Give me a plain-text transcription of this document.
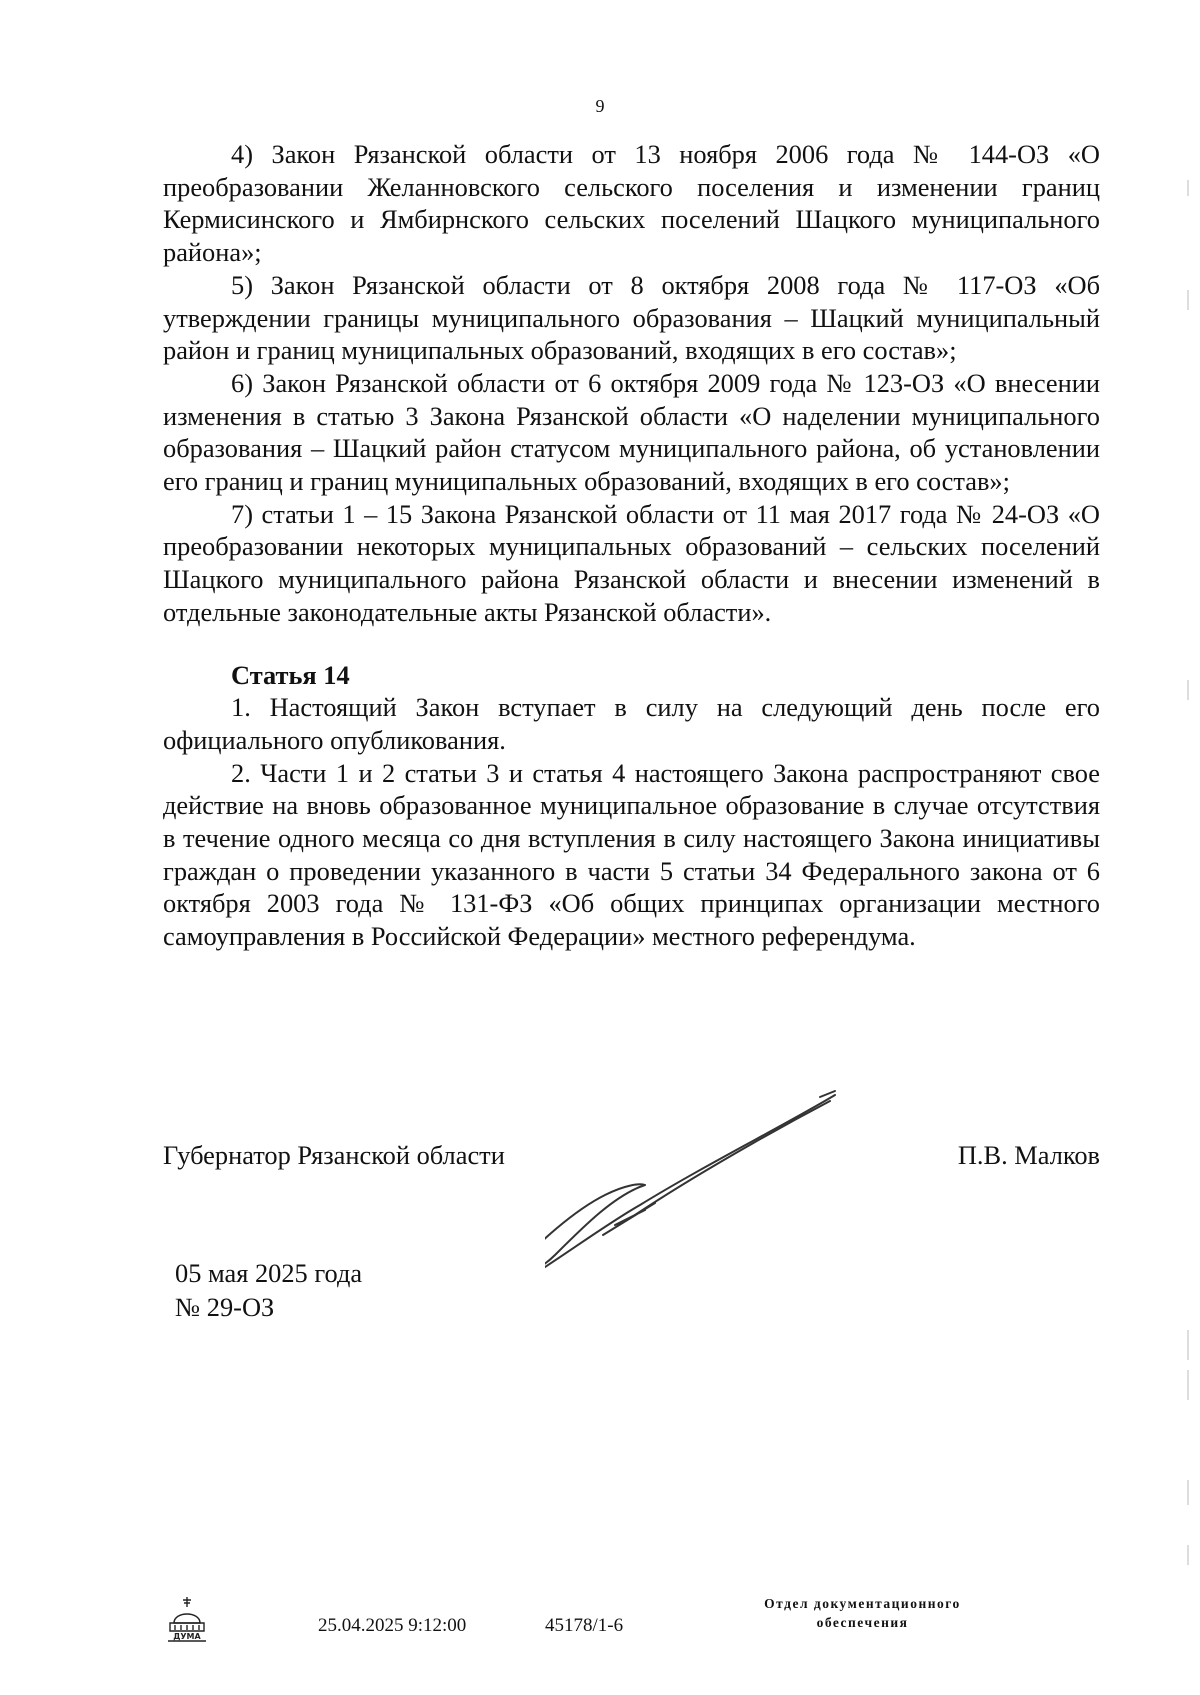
9

4) Закон Рязанской области от 13 ноября 2006 года № 144-ОЗ «О преобразовании Желанновского сельского поселения и изменении границ Кермисинского и Ямбирнского сельских поселений Шацкого муниципального района»;

5) Закон Рязанской области от 8 октября 2008 года № 117-ОЗ «Об утверждении границы муниципального образования – Шацкий муниципальный район и границ муниципальных образований, входящих в его состав»;

6) Закон Рязанской области от 6 октября 2009 года № 123-ОЗ «О внесении изменения в статью 3 Закона Рязанской области «О наделении муниципального образования – Шацкий район статусом муниципального района, об установлении его границ и границ муниципальных образований, входящих в его состав»;

7) статьи 1 – 15 Закона Рязанской области от 11 мая 2017 года № 24-ОЗ «О преобразовании некоторых муниципальных образований – сельских поселений Шацкого муниципального района Рязанской области и внесении изменений в отдельные законодательные акты Рязанской области».

Статья 14

1. Настоящий Закон вступает в силу на следующий день после его официального опубликования.

2. Части 1 и 2 статьи 3 и статья 4 настоящего Закона распространяют свое действие на вновь образованное муниципальное образование в случае отсутствия в течение одного месяца со дня вступления в силу настоящего Закона инициативы граждан о проведении указанного в части 5 статьи 34 Федерального закона от 6 октября 2003 года № 131-ФЗ «Об общих принципах организации местного самоуправления в Российской Федерации» местного референдума.

Губернатор Рязанской области	П.В. Малков
05 мая 2025 года
№ 29-ОЗ
ДУМА
25.04.2025 9:12:00	45178/1-6
Отдел документационного
обеспечения
